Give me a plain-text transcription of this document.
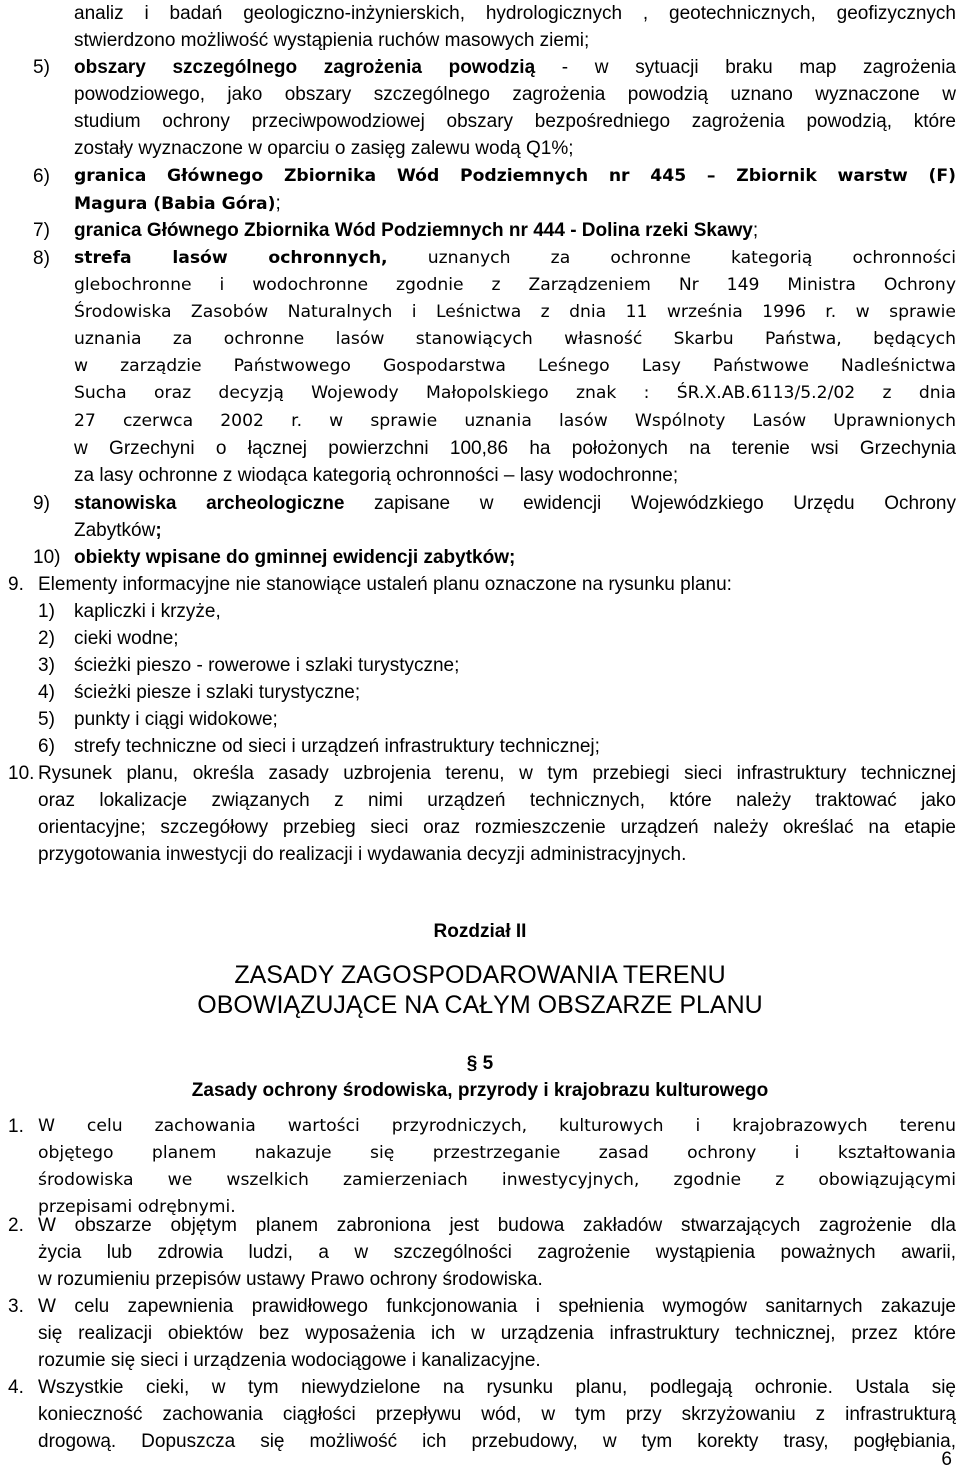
analiz i badań geologiczno-inżynierskich, hydrologicznych , geotechnicznych, geofizycznych
stwierdzono możliwość wystąpienia ruchów masowych ziemi;
5) obszary szczególnego zagrożenia powodzią - w sytuacji braku map zagrożenia
powodziowego, jako obszary szczególnego zagrożenia powodzią uznano wyznaczone w
studium ochrony przeciwpowodziowej obszary bezpośredniego zagrożenia powodzią, które
zostały wyznaczone w oparciu o zasięg zalewu wodą Q1%;
6) granica Głównego Zbiornika Wód Podziemnych nr 445 – Zbiornik warstw (F)
Magura (Babia Góra);
7) granica Głównego Zbiornika Wód Podziemnych nr 444 - Dolina rzeki Skawy;
8) strefa lasów ochronnych, uznanych za ochronne kategorią ochronności
glebochronne i wodochronne zgodnie z Zarządzeniem Nr 149 Ministra Ochrony
Środowiska Zasobów Naturalnych i Leśnictwa z dnia 11 września 1996 r. w sprawie
uznania za ochronne lasów stanowiących własność Skarbu Państwa, będących
w zarządzie Państwowego Gospodarstwa Leśnego Lasy Państwowe Nadleśnictwa
Sucha oraz decyzją Wojewody Małopolskiego znak : ŚR.X.AB.6113/5.2/02 z dnia
27 czerwca 2002 r. w sprawie uznania lasów Wspólnoty Lasów Uprawnionych
w Grzechyni o łącznej powierzchni 100,86 ha położonych na terenie wsi Grzechynia
za lasy ochronne z wiodąca kategorią ochronności – lasy wodochronne;
9) stanowiska archeologiczne zapisane w ewidencji Wojewódzkiego Urzędu Ochrony
Zabytków;
10) obiekty wpisane do gminnej ewidencji zabytków;
9. Elementy informacyjne nie stanowiące ustaleń planu oznaczone na rysunku planu:
1) kapliczki i krzyże,
2) cieki wodne;
3) ścieżki pieszo - rowerowe i szlaki turystyczne;
4) ścieżki piesze i szlaki turystyczne;
5) punkty i ciągi widokowe;
6) strefy techniczne od sieci i urządzeń infrastruktury technicznej;
10. Rysunek planu, określa zasady uzbrojenia terenu, w tym przebiegi sieci infrastruktury technicznej
oraz lokalizacje związanych z nimi urządzeń technicznych, które należy traktować jako
orientacyjne; szczegółowy przebieg sieci oraz rozmieszczenie urządzeń należy określać na etapie
przygotowania inwestycji do realizacji i wydawania decyzji administracyjnych.
Rozdział II
ZASADY ZAGOSPODAROWANIA TERENU
OBOWIĄZUJĄCE NA CAŁYM OBSZARZE PLANU
§ 5
Zasady ochrony środowiska, przyrody i krajobrazu kulturowego
1. W celu zachowania wartości przyrodniczych, kulturowych i krajobrazowych terenu
objętego planem nakazuje się przestrzeganie zasad ochrony i kształtowania
środowiska we wszelkich zamierzeniach inwestycyjnych, zgodnie z obowiązującymi
przepisami odrębnymi.
2. W obszarze objętym planem zabroniona jest budowa zakładów stwarzających zagrożenie dla
życia lub zdrowia ludzi, a w szczególności zagrożenie wystąpienia poważnych awarii,
w rozumieniu przepisów ustawy Prawo ochrony środowiska.
3. W celu zapewnienia prawidłowego funkcjonowania i spełnienia wymogów sanitarnych zakazuje
się realizacji obiektów bez wyposażenia ich w urządzenia infrastruktury technicznej, przez które
rozumie się sieci i urządzenia wodociągowe i kanalizacyjne.
4. Wszystkie cieki, w tym niewydzielone na rysunku planu, podlegają ochronie. Ustala się
konieczność zachowania ciągłości przepływu wód, w tym przy skrzyżowaniu z infrastrukturą
drogową. Dopuszcza się możliwość ich przebudowy, w tym korekty trasy, pogłębiania,
6
